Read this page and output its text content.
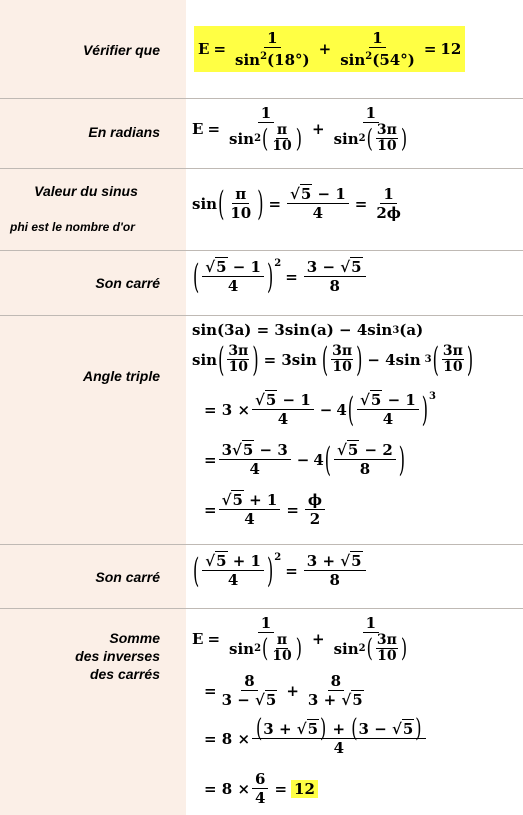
Vérifier que	$E = \frac{1}{\sin^2(18^\circ)} + \frac{1}{\sin^2(54^\circ)} = 12$
En radians $E = \frac{1}{\sin 2 ( \frac{\pi}{10} )} + \frac{1}{\sin 2 ( \frac{3\pi}{10} )}$
Valeur du sinus
phi est le nombre d'or
sin ( $\frac{\pi}{10}$ ) = $\frac{√5 - 1}{4} = \frac{1}{2\phi}$
Son carré ( $\frac{√5 - 1}{4} )^2$
= $\frac{3 - √5}{8}$
Angle triple
sin(3a) = 3sin(a) − 4sin 3 (a)
sin ( $\frac{3\pi}{10}$ ) = 3sin ( $\frac{3\pi}{10}$ ) − 4sin 3 ( $\frac{3\pi}{10}$ )
= $3 \times \frac{√5 - 1}{4} - 4$ ( $\frac{√5 - 1}{4} )^3$
= $\frac{3√5 - 3}{4} - 4$ ( $\frac{√5 - 2}{8}$ )
= $\frac{√5 + 1}{4} = \frac{\phi}{2}$
Son carré ( $\frac{√5 + 1}{4} )^2$
= $\frac{3 + √5}{8}$
Somme
des inverses
des carrés
$E = \frac{1}{\sin 2 ( \frac{\pi}{10} )} + \frac{1}{\sin 2 ( \frac{3\pi}{10} )}$
= $\frac{8}{3 - √5} + \frac{8}{3 + √5}$
= $8 \times \frac{(3 + √5 ) + (3 - √5 )}{4}$
= $8 \times \frac{6}{4} = 12$
